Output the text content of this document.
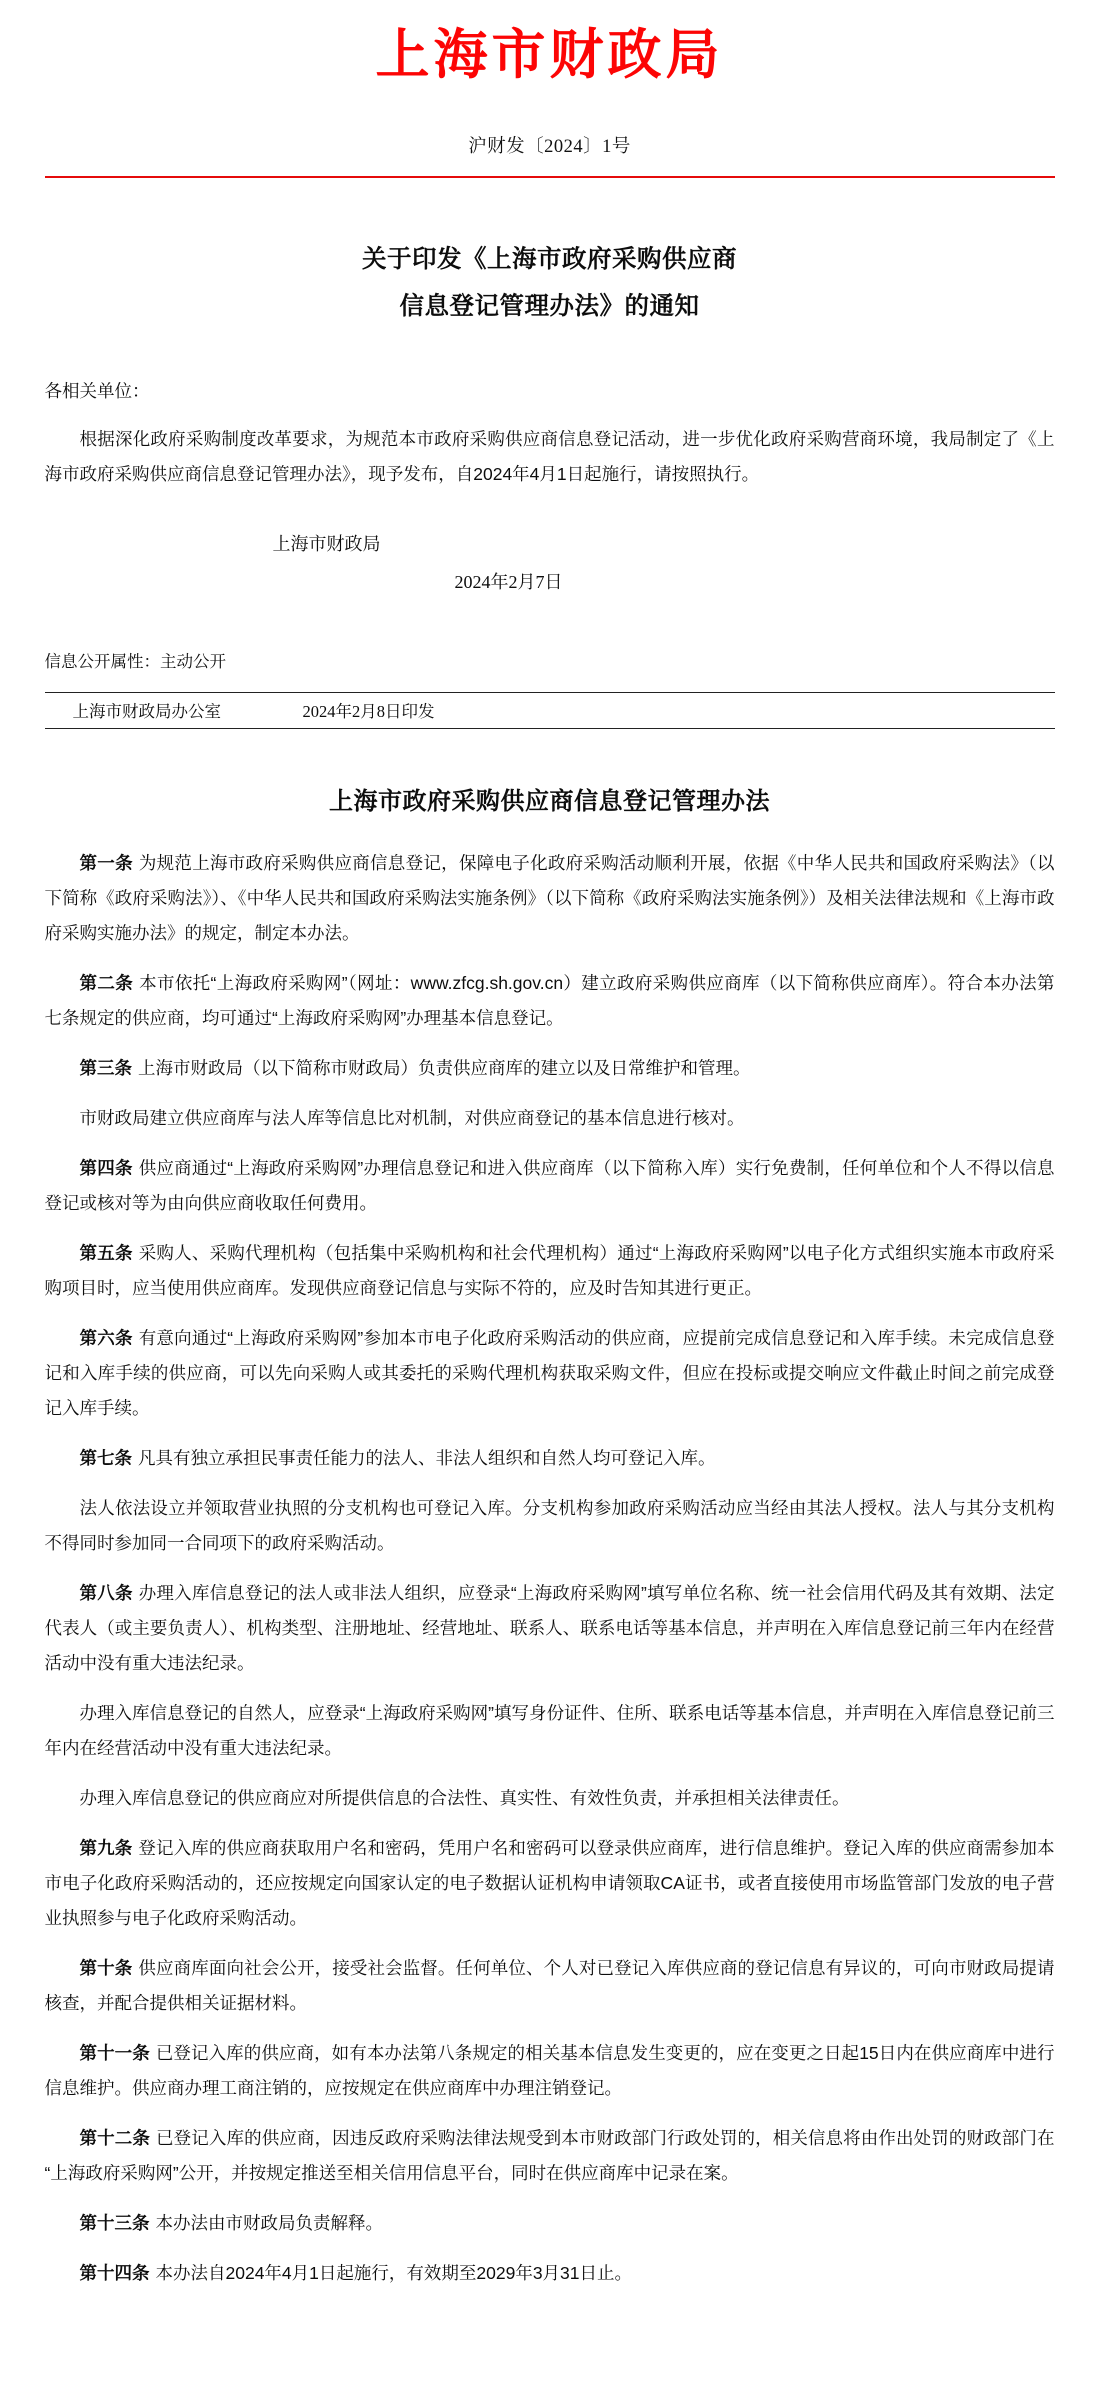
上海市财政局
沪财发〔2024〕1号
关于印发《上海市政府采购供应商
信息登记管理办法》的通知
各相关单位：

根据深化政府采购制度改革要求，为规范本市政府采购供应商信息登记活动，进一步优化政府采购营商环境，我局制定了《上海市政府采购供应商信息登记管理办法》，现予发布，自2024年4月1日起施行，请按照执行。

上海市财政局
2024年2月7日
信息公开属性：主动公开
上海市财政局办公室	2024年2月8日印发
上海市政府采购供应商信息登记管理办法

第一条 为规范上海市政府采购供应商信息登记，保障电子化政府采购活动顺利开展，依据《中华人民共和国政府采购法》（以下简称《政府采购法》）、《中华人民共和国政府采购法实施条例》（以下简称《政府采购法实施条例》）及相关法律法规和《上海市政府采购实施办法》的规定，制定本办法。

第二条 本市依托“上海政府采购网”（网址：www.zfcg.sh.gov.cn）建立政府采购供应商库（以下简称供应商库）。符合本办法第七条规定的供应商，均可通过“上海政府采购网”办理基本信息登记。

第三条 上海市财政局（以下简称市财政局）负责供应商库的建立以及日常维护和管理。

市财政局建立供应商库与法人库等信息比对机制，对供应商登记的基本信息进行核对。

第四条 供应商通过“上海政府采购网”办理信息登记和进入供应商库（以下简称入库）实行免费制，任何单位和个人不得以信息登记或核对等为由向供应商收取任何费用。

第五条 采购人、采购代理机构（包括集中采购机构和社会代理机构）通过“上海政府采购网”以电子化方式组织实施本市政府采购项目时，应当使用供应商库。发现供应商登记信息与实际不符的，应及时告知其进行更正。

第六条 有意向通过“上海政府采购网”参加本市电子化政府采购活动的供应商，应提前完成信息登记和入库手续。未完成信息登记和入库手续的供应商，可以先向采购人或其委托的采购代理机构获取采购文件，但应在投标或提交响应文件截止时间之前完成登记入库手续。

第七条 凡具有独立承担民事责任能力的法人、非法人组织和自然人均可登记入库。

法人依法设立并领取营业执照的分支机构也可登记入库。分支机构参加政府采购活动应当经由其法人授权。法人与其分支机构不得同时参加同一合同项下的政府采购活动。

第八条 办理入库信息登记的法人或非法人组织，应登录“上海政府采购网”填写单位名称、统一社会信用代码及其有效期、法定代表人（或主要负责人）、机构类型、注册地址、经营地址、联系人、联系电话等基本信息，并声明在入库信息登记前三年内在经营活动中没有重大违法纪录。

办理入库信息登记的自然人，应登录“上海政府采购网”填写身份证件、住所、联系电话等基本信息，并声明在入库信息登记前三年内在经营活动中没有重大违法纪录。

办理入库信息登记的供应商应对所提供信息的合法性、真实性、有效性负责，并承担相关法律责任。

第九条 登记入库的供应商获取用户名和密码，凭用户名和密码可以登录供应商库，进行信息维护。登记入库的供应商需参加本市电子化政府采购活动的，还应按规定向国家认定的电子数据认证机构申请领取CA证书，或者直接使用市场监管部门发放的电子营业执照参与电子化政府采购活动。

第十条 供应商库面向社会公开，接受社会监督。任何单位、个人对已登记入库供应商的登记信息有异议的，可向市财政局提请核查，并配合提供相关证据材料。

第十一条 已登记入库的供应商，如有本办法第八条规定的相关基本信息发生变更的，应在变更之日起15日内在供应商库中进行信息维护。供应商办理工商注销的，应按规定在供应商库中办理注销登记。

第十二条 已登记入库的供应商，因违反政府采购法律法规受到本市财政部门行政处罚的，相关信息将由作出处罚的财政部门在“上海政府采购网”公开，并按规定推送至相关信用信息平台，同时在供应商库中记录在案。

第十三条 本办法由市财政局负责解释。

第十四条 本办法自2024年4月1日起施行，有效期至2029年3月31日止。
